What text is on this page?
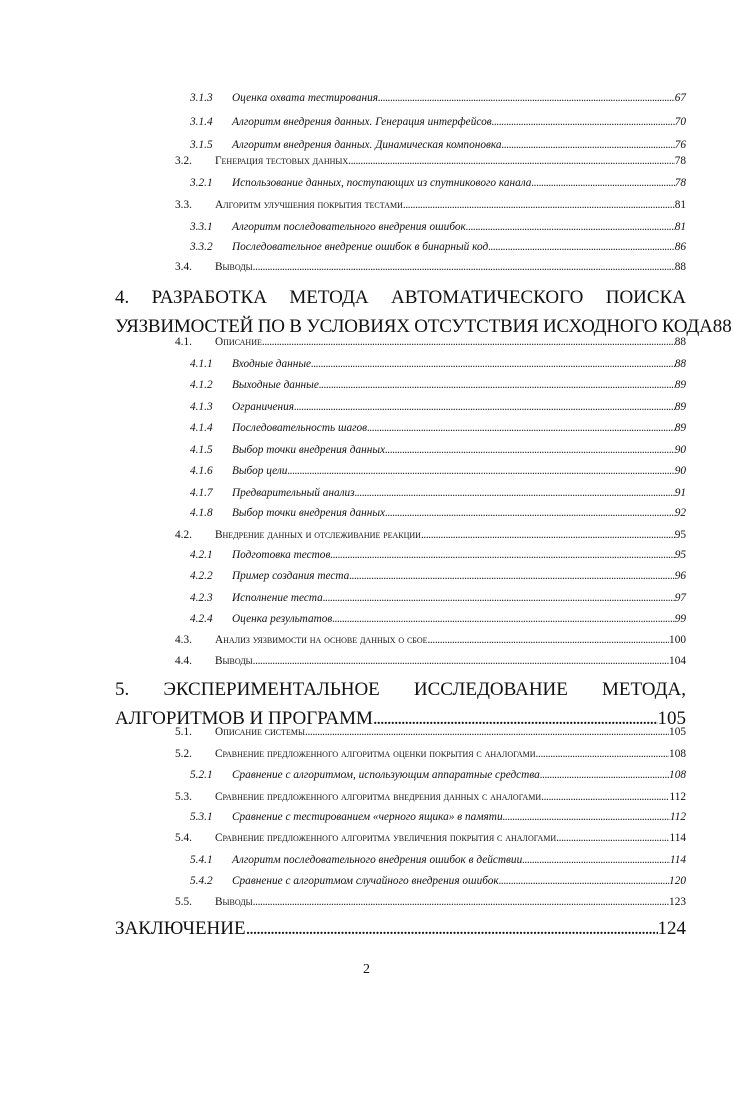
3.1.3 Оценка охвата тестирования . . .	67
3.1.4 Алгоритм внедрения данных. Генерация интерфейсов . . .	70
3.1.5 Алгоритм внедрения данных. Динамическая компоновка . . .	76
3.2. Генерация тестовых данных . . .	78
3.2.1 Использование данных, поступающих из спутникового канала . . .	78
3.3. Алгоритм улучшения покрытия тестами . . .	81
3.3.1 Алгоритм последовательного внедрения ошибок . . .	81
3.3.2 Последовательное внедрение ошибок в бинарный код . . .	86
3.4. Выводы . . .	88
4. РАЗРАБОТКА МЕТОДА АВТОМАТИЧЕСКОГО ПОИСКА
УЯЗВИМОСТЕЙ ПО В УСЛОВИЯХ ОТСУТСТВИЯ ИСХОДНОГО КОДА 88
4.1. Описание . . .	88
4.1.1 Входные данные . . .	88
4.1.2 Выходные данные . . .	89
4.1.3 Ограничения . . .	89
4.1.4 Последовательность шагов . . .	89
4.1.5 Выбор точки внедрения данных . . .	90
4.1.6 Выбор цели . . .	90
4.1.7 Предварительный анализ . . .	91
4.1.8 Выбор точки внедрения данных . . .	92
4.2. Внедрение данных и отслеживание реакции . . .	95
4.2.1 Подготовка тестов . . .	95
4.2.2 Пример создания теста . . .	96
4.2.3 Исполнение теста . . .	97
4.2.4 Оценка результатов . . .	99
4.3. Анализ уязвимости на основе данных о сбое . . .	100
4.4. Выводы . . .	104
5. ЭКСПЕРИМЕНТАЛЬНОЕ ИССЛЕДОВАНИЕ МЕТОДА,
АЛГОРИТМОВ И ПРОГРАММ . . .	105
5.1. Описание системы . . .	105
5.2. Сравнение предложенного алгоритма оценки покрытия с аналогами . . .	108
5.2.1 Сравнение с алгоритмом, использующим аппаратные средства . . .	108
5.3. Сравнение предложенного алгоритма внедрения данных с аналогами . . .	112
5.3.1 Сравнение с тестированием «черного ящика» в памяти . . .	112
5.4. Сравнение предложенного алгоритма увеличения покрытия с аналогами . . .	114
5.4.1 Алгоритм последовательного внедрения ошибок в действии . . .	114
5.4.2 Сравнение с алгоритмом случайного внедрения ошибок . . .	120
5.5. Выводы . . .	123
ЗАКЛЮЧЕНИЕ . . .	124
2
